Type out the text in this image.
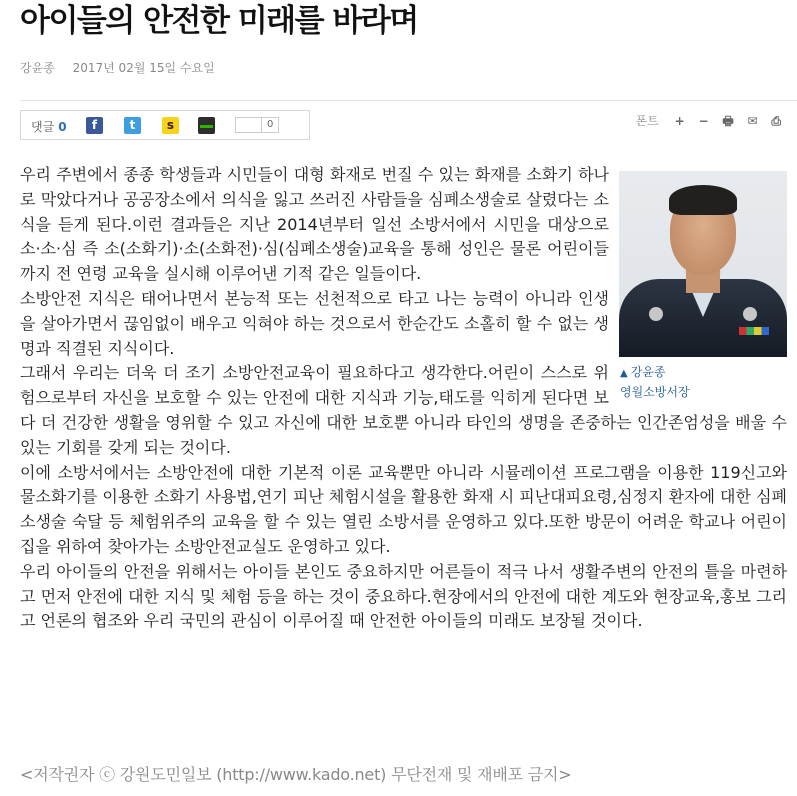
아이들의 안전한 미래를 바라며
강윤종 2017년 02월 15일 수요일
댓글 0	f	t	s	0	폰트 + − 🖶 ✉ ⎙
▲ 강윤종
영월소방서장

우리 주변에서 종종 학생들과 시민들이 대형 화재로 번질 수 있는 화재를 소화기 하나로 막았다거나 공공장소에서 의식을 잃고 쓰러진 사람들을 심폐소생술로 살렸다는 소식을 듣게 된다.이런 결과들은 지난 2014년부터 일선 소방서에서 시민을 대상으로 소·소·심 즉 소(소화기)·소(소화전)·심(심폐소생술)교육을 통해 성인은 물론 어린이들까지 전 연령 교육을 실시해 이루어낸 기적 같은 일들이다.

소방안전 지식은 태어나면서 본능적 또는 선천적으로 타고 나는 능력이 아니라 인생을 살아가면서 끊임없이 배우고 익혀야 하는 것으로서 한순간도 소홀히 할 수 없는 생명과 직결된 지식이다.

그래서 우리는 더욱 더 조기 소방안전교육이 필요하다고 생각한다.어린이 스스로 위험으로부터 자신을 보호할 수 있는 안전에 대한 지식과 기능,태도를 익히게 된다면 보다 더 건강한 생활을 영위할 수 있고 자신에 대한 보호뿐 아니라 타인의 생명을 존중하는 인간존엄성을 배울 수 있는 기회를 갖게 되는 것이다.

이에 소방서에서는 소방안전에 대한 기본적 이론 교육뿐만 아니라 시뮬레이션 프로그램을 이용한 119신고와 물소화기를 이용한 소화기 사용법,연기 피난 체험시설을 활용한 화재 시 피난대피요령,심정지 환자에 대한 심폐소생술 숙달 등 체험위주의 교육을 할 수 있는 열린 소방서를 운영하고 있다.또한 방문이 어려운 학교나 어린이집을 위하여 찾아가는 소방안전교실도 운영하고 있다.

우리 아이들의 안전을 위해서는 아이들 본인도 중요하지만 어른들이 적극 나서 생활주변의 안전의 틀을 마련하고 먼저 안전에 대한 지식 및 체험 등을 하는 것이 중요하다.현장에서의 안전에 대한 계도와 현장교육,홍보 그리고 언론의 협조와 우리 국민의 관심이 이루어질 때 안전한 아이들의 미래도 보장될 것이다.

<저작권자 ⓒ 강원도민일보 (http://www.kado.net) 무단전재 및 재배포 금지>
